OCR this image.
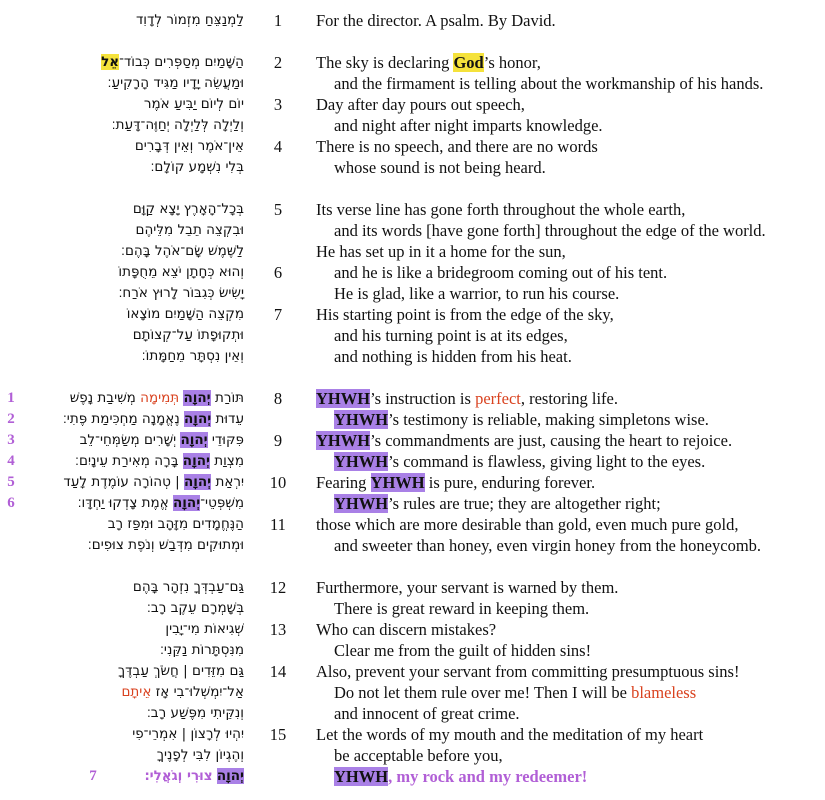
לַמְנַצֵּחַ מִזְמוֹר לְדָוִד	1	For the director. A psalm. By David.
הַשָּׁמַיִם מְסַפְּרִים כְּבוֹד־אֵל	2	The sky is declaring God’s honor,
וּמַעֲשֵׂה יָדָיו מַגִּיד הָרָקִיעַ׃	and the firmament is telling about the workmanship of his hands.
יוֹם לְיוֹם יַבִּיעַ אֹמֶר	3	Day after day pours out speech,
וְלַיְלָה לְּלַיְלָה יְחַוֶּה־דָּעַת׃	and night after night imparts knowledge.
אֵין־אֹמֶר וְאֵין דְּבָרִים	4	There is no speech, and there are no words
בְּלִי נִשְׁמָע קוֹלָם׃	whose sound is not being heard.
בְּכָל־הָאָרֶץ יָצָא קַוָּם	5	Its verse line has gone forth throughout the whole earth,
וּבִקְצֵה תֵבֵל מִלֵּיהֶם	and its words [have gone forth] throughout the edge of the world.
לַשֶּׁמֶשׁ שָׂם־אֹהֶל בָּהֶם׃	He has set up in it a home for the sun,
וְהוּא כְּחָתָן יֹצֵא מֵחֻפָּתוֹ	6	and he is like a bridegroom coming out of his tent.
יָשִׂישׂ כְּגִבּוֹר לָרוּץ אֹרַח׃	He is glad, like a warrior, to run his course.
מִקְצֵה הַשָּׁמַיִם מוֹצָאוֹ	7	His starting point is from the edge of the sky,
וּתְקוּפָתוֹ עַל־קְצוֹתָם	and his turning point is at its edges,
וְאֵין נִסְתָּר מֵחַמָּתוֹ׃	and nothing is hidden from his heat.
1	תּוֹרַת יְהוָה תְּמִימָה מְשִׁיבַת נָפֶשׁ	8	YHWH’s instruction is perfect, restoring life.
2	עֵדוּת יְהוָה נֶאֱמָנָה מַחְכִּימַת פֶּתִי׃	YHWH’s testimony is reliable, making simpletons wise.
3	פִּקּוּדֵי יְהוָה יְשָׁרִים מְשַׂמְּחֵי־לֵב	9	YHWH’s commandments are just, causing the heart to rejoice.
4	מִצְוַת יְהוָה בָּרָה מְאִירַת עֵינָיִם׃	YHWH’s command is flawless, giving light to the eyes.
5	יִרְאַת יְהוָה | טְהוֹרָה עוֹמֶדֶת לָעַד	10	Fearing YHWH is pure, enduring forever.
6	מִשְׁפְּטֵי־יְהוָה אֱמֶת צָדְקוּ יַחְדָּו׃	YHWH’s rules are true; they are altogether right;
הַנֶּחֱמָדִים מִזָּהָב וּמִפַּז רָב	11	those which are more desirable than gold, even much pure gold,
וּמְתוּקִים מִדְּבַשׁ וְנֹפֶת צוּפִים׃	and sweeter than honey, even virgin honey from the honeycomb.
גַּם־עַבְדְּךָ נִזְהָר בָּהֶם	12	Furthermore, your servant is warned by them.
בְּשָׁמְרָם עֵקֶב רָב׃	There is great reward in keeping them.
שְׁגִיאוֹת מִי־יָבִין	13	Who can discern mistakes?
מִנִּסְתָּרוֹת נַקֵּנִי׃	Clear me from the guilt of hidden sins!
גַּם מִזֵּדִים | חֲשֹׂךְ עַבְדֶּךָ	14	Also, prevent your servant from committing presumptuous sins!
אַל־יִמְשְׁלוּ־בִי אָז אֵיתָם	Do not let them rule over me! Then I will be blameless
וְנִקֵּיתִי מִפֶּשַׁע רָב׃	and innocent of great crime.
יִהְיוּ לְרָצוֹן | אִמְרֵי־פִי	15	Let the words of my mouth and the meditation of my heart
וְהֶגְיוֹן לִבִּי לְפָנֶיךָ	be acceptable before you,
7	יְהוָה צוּרִי וְגֹאֲלִי׃	YHWH, my rock and my redeemer!
